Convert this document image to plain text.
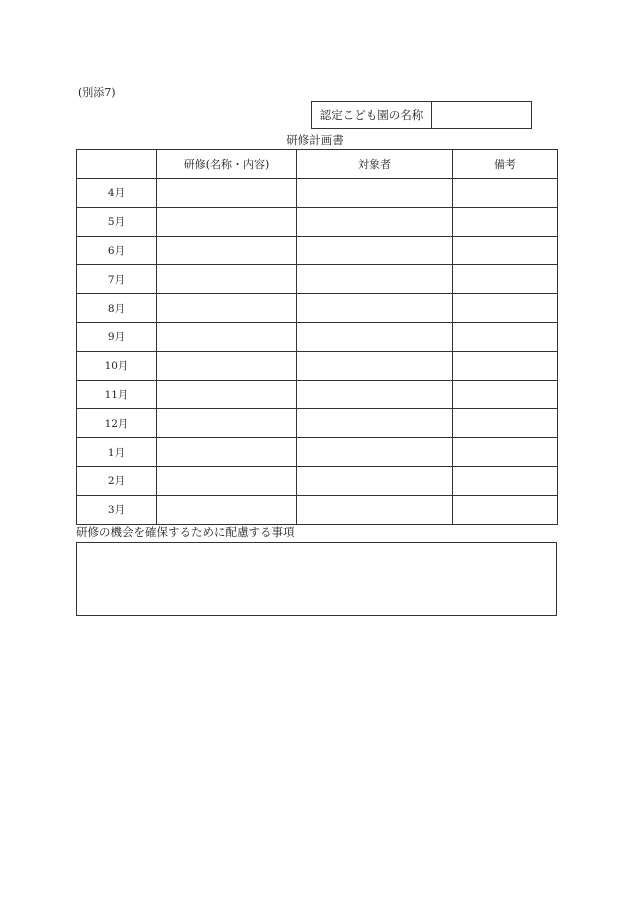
(別添7)
認定こども園の名称
研修計画書
	研修(名称・内容)	対象者	備考
4月			
5月			
6月			
7月			
8月			
9月			
10月			
11月			
12月			
1月			
2月			
3月			
研修の機会を確保するために配慮する事項
